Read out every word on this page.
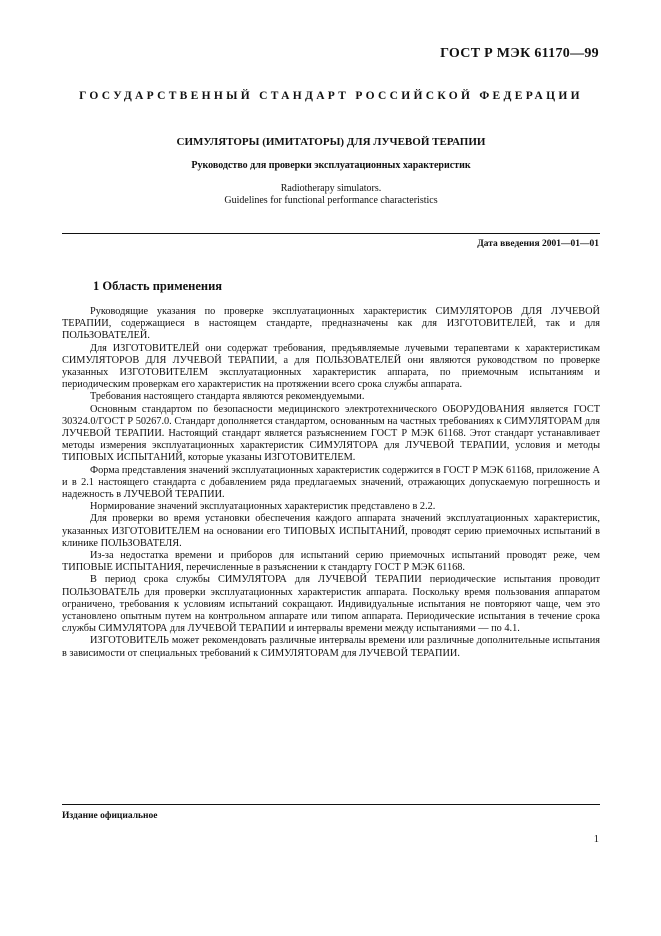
ГОСТ Р МЭК 61170—99
ГОСУДАРСТВЕННЫЙ СТАНДАРТ РОССИЙСКОЙ ФЕДЕРАЦИИ
СИМУЛЯТОРЫ (ИМИТАТОРЫ) ДЛЯ ЛУЧЕВОЙ ТЕРАПИИ
Руководство для проверки эксплуатационных характеристик
Radiotherapy simulators.
Guidelines for functional performance characteristics
Дата введения 2001—01—01
1 Область применения

Руководящие указания по проверке эксплуатационных характеристик СИМУЛЯТОРОВ ДЛЯ ЛУЧЕВОЙ ТЕРАПИИ, содержащиеся в настоящем стандарте, предназначены как для ИЗГОТОВИТЕЛЕЙ, так и для ПОЛЬЗОВАТЕЛЕЙ.

Для ИЗГОТОВИТЕЛЕЙ они содержат требования, предъявляемые лучевыми терапевтами к характеристикам СИМУЛЯТОРОВ ДЛЯ ЛУЧЕВОЙ ТЕРАПИИ, а для ПОЛЬЗОВАТЕЛЕЙ они являются руководством по проверке указанных ИЗГОТОВИТЕЛЕМ эксплуатационных характеристик аппарата, по приемочным испытаниям и периодическим проверкам его характеристик на протяжении всего срока службы аппарата.

Требования настоящего стандарта являются рекомендуемыми.

Основным стандартом по безопасности медицинского электротехнического ОБОРУДОВАНИЯ является ГОСТ 30324.0/ГОСТ Р 50267.0. Стандарт дополняется стандартом, основанным на частных требованиях к СИМУЛЯТОРАМ для ЛУЧЕВОЙ ТЕРАПИИ. Настоящий стандарт является разъяснением ГОСТ Р МЭК 61168. Этот стандарт устанавливает методы измерения эксплуатационных характеристик СИМУЛЯТОРА для ЛУЧЕВОЙ ТЕРАПИИ, условия и методы ТИПОВЫХ ИСПЫТАНИЙ, которые указаны ИЗГОТОВИТЕЛЕМ.

Форма представления значений эксплуатационных характеристик содержится в ГОСТ Р МЭК 61168, приложение А и в 2.1 настоящего стандарта с добавлением ряда предлагаемых значений, отражающих допускаемую погрешность и надежность в ЛУЧЕВОЙ ТЕРАПИИ.

Нормирование значений эксплуатационных характеристик представлено в 2.2.

Для проверки во время установки обеспечения каждого аппарата значений эксплуатационных характеристик, указанных ИЗГОТОВИТЕЛЕМ на основании его ТИПОВЫХ ИСПЫТАНИЙ, проводят серию приемочных испытаний в клинике ПОЛЬЗОВАТЕЛЯ.

Из-за недостатка времени и приборов для испытаний серию приемочных испытаний проводят реже, чем ТИПОВЫЕ ИСПЫТАНИЯ, перечисленные в разъяснении к стандарту ГОСТ Р МЭК 61168.

В период срока службы СИМУЛЯТОРА для ЛУЧЕВОЙ ТЕРАПИИ периодические испытания проводит ПОЛЬЗОВАТЕЛЬ для проверки эксплуатационных характеристик аппарата. Поскольку время пользования аппаратом ограничено, требования к условиям испытаний сокращают. Индивидуальные испытания не повторяют чаще, чем это установлено опытным путем на контрольном аппарате или типом аппарата. Периодические испытания в течение срока службы СИМУЛЯТОРА для ЛУЧЕВОЙ ТЕРАПИИ и интервалы времени между испытаниями — по 4.1.

ИЗГОТОВИТЕЛЬ может рекомендовать различные интервалы времени или различные дополнительные испытания в зависимости от специальных требований к СИМУЛЯТОРАМ для ЛУЧЕВОЙ ТЕРАПИИ.

Издание официальное
1
